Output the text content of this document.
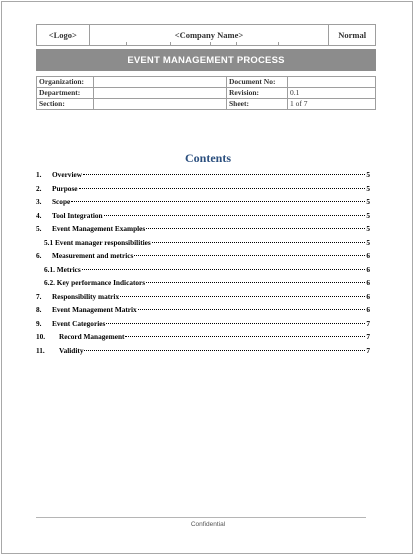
<Logo>	<Company Name>	Normal
EVENT MANAGEMENT PROCESS
Organization:		Document No:	
Department:		Revision:	0.1
Section:		Sheet:	1 of 7
Contents
1.	Overview	5
2.	Purpose	5
3.	Scope	5
4.	Tool Integration	5
5.	Event Management Examples	5
5.1 Event manager responsibilities	5
6.	Measurement and metrics	6
6.1. Metrics	6
6.2. Key performance Indicators	6
7.	Responsibility matrix	6
8.	Event Management Matrix	6
9.	Event Categories	7
10.	Record Management	7
11.	Validity	7
Confidential
